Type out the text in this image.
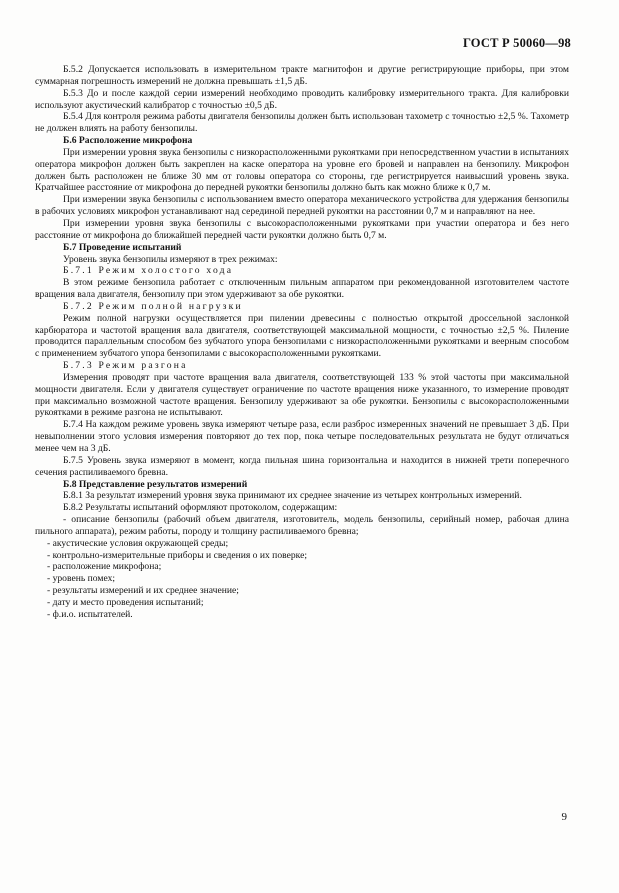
ГОСТ Р 50060—98

Б.5.2 Допускается использовать в измерительном тракте магнитофон и другие регистрирующие приборы, при этом суммарная погрешность измерений не должна превышать ±1,5 дБ.

Б.5.3 До и после каждой серии измерений необходимо проводить калибровку измерительного тракта. Для калибровки используют акустический калибратор с точностью ±0,5 дБ.

Б.5.4 Для контроля режима работы двигателя бензопилы должен быть использован тахометр с точностью ±2,5 %. Тахометр не должен влиять на работу бензопилы.

Б.6 Расположение микрофона

При измерении уровня звука бензопилы с низкорасположенными рукоятками при непосредственном участии в испытаниях оператора микрофон должен быть закреплен на каске оператора на уровне его бровей и направлен на бензопилу. Микрофон должен быть расположен не ближе 30 мм от головы оператора со стороны, где регистрируется наивысший уровень звука. Кратчайшее расстояние от микрофона до передней рукоятки бензопилы должно быть как можно ближе к 0,7 м.

При измерении звука бензопилы с использованием вместо оператора механического устройства для удержания бензопилы в рабочих условиях микрофон устанавливают над серединой передней рукоятки на расстоянии 0,7 м и направляют на нее.

При измерении уровня звука бензопилы с высокорасположенными рукоятками при участии оператора и без него расстояние от микрофона до ближайшей передней части рукоятки должно быть 0,7 м.

Б.7 Проведение испытаний

Уровень звука бензопилы измеряют в трех режимах:

Б.7.1 Режим холостого хода

В этом режиме бензопила работает с отключенным пильным аппаратом при рекомендованной изготовителем частоте вращения вала двигателя, бензопилу при этом удерживают за обе рукоятки.

Б.7.2 Режим полной нагрузки

Режим полной нагрузки осуществляется при пилении древесины с полностью открытой дроссельной заслонкой карбюратора и частотой вращения вала двигателя, соответствующей максимальной мощности, с точностью ±2,5 %. Пиление проводится параллельным способом без зубчатого упора бензопилами с низкорасположенными рукоятками и веерным способом с применением зубчатого упора бензопилами с высокорасположенными рукоятками.

Б.7.3 Режим разгона

Измерения проводят при частоте вращения вала двигателя, соответствующей 133 % этой частоты при максимальной мощности двигателя. Если у двигателя существует ограничение по частоте вращения ниже указанного, то измерение проводят при максимально возможной частоте вращения. Бензопилу удерживают за обе рукоятки. Бензопилы с высокорасположенными рукоятками в режиме разгона не испытывают.

Б.7.4 На каждом режиме уровень звука измеряют четыре раза, если разброс измеренных значений не превышает 3 дБ. При невыполнении этого условия измерения повторяют до тех пор, пока четыре последовательных результата не будут отличаться менее чем на 3 дБ.

Б.7.5 Уровень звука измеряют в момент, когда пильная шина горизонтальна и находится в нижней трети поперечного сечения распиливаемого бревна.

Б.8 Представление результатов измерений

Б.8.1 За результат измерений уровня звука принимают их среднее значение из четырех контрольных измерений.

Б.8.2 Результаты испытаний оформляют протоколом, содержащим:

- описание бензопилы (рабочий объем двигателя, изготовитель, модель бензопилы, серийный номер, рабочая длина пильного аппарата), режим работы, породу и толщину распиливаемого бревна;

- акустические условия окружающей среды;

- контрольно-измерительные приборы и сведения о их поверке;

- расположение микрофона;

- уровень помех;

- результаты измерений и их среднее значение;

- дату и место проведения испытаний;

- ф.и.о. испытателей.

9
